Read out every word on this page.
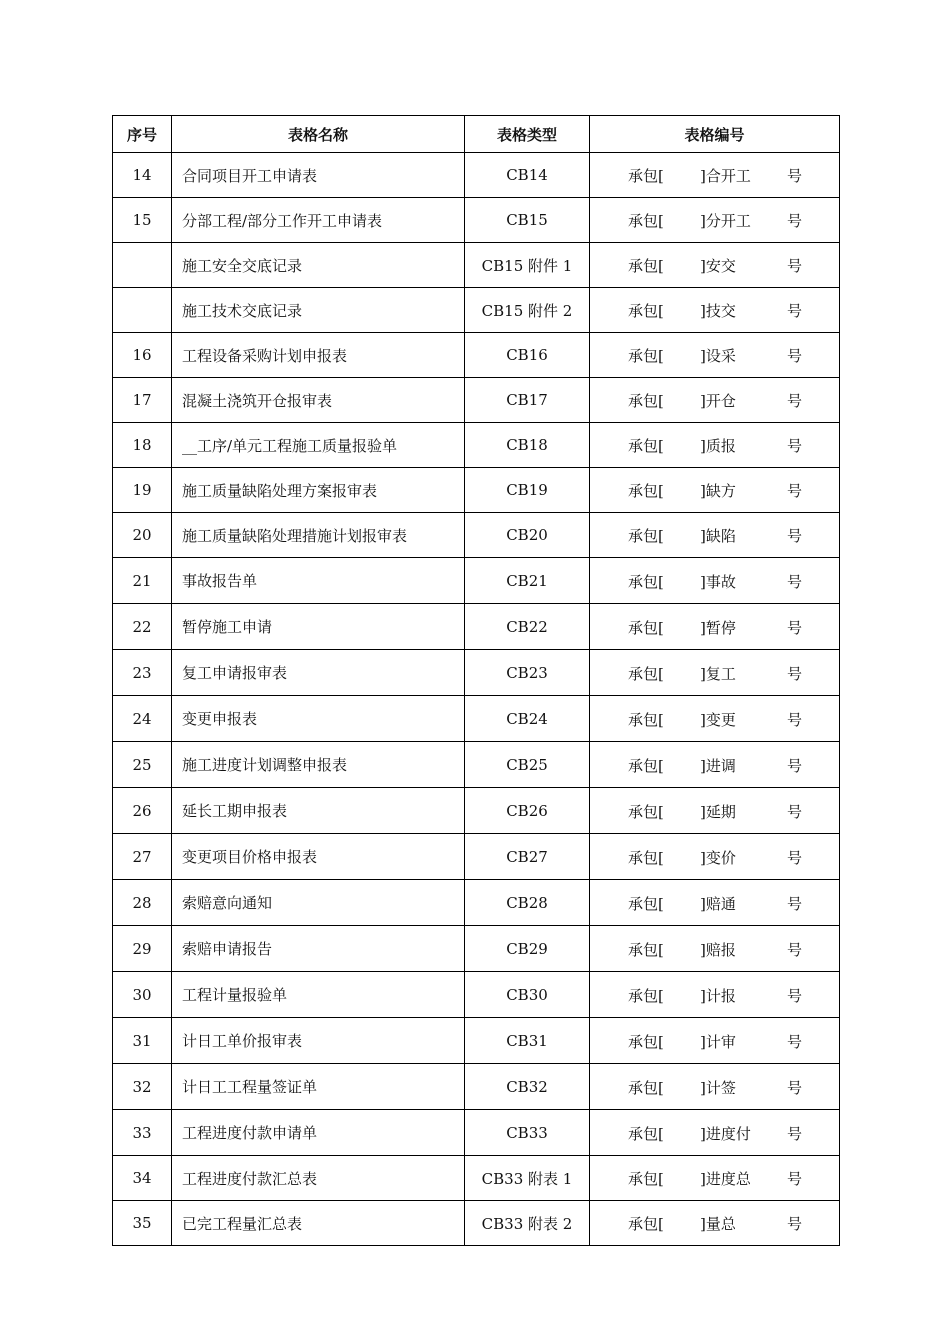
序号	表格名称	表格类型	表格编号
14	合同项目开工申请表	CB14	承包[ ]合开工 号

15	分部工程/部分工作开工申请表	CB15	承包[ ]分开工 号

	施工安全交底记录	CB15 附件 1	承包[ ]安交 号

	施工技术交底记录	CB15 附件 2	承包[ ]技交 号

16	工程设备采购计划申报表	CB16	承包[ ]设采 号

17	混凝土浇筑开仓报审表	CB17	承包[ ]开仓 号

18	__工序/单元工程施工质量报验单	CB18	承包[ ]质报 号

19	施工质量缺陷处理方案报审表	CB19	承包[ ]缺方 号

20	施工质量缺陷处理措施计划报审表	CB20	承包[ ]缺陷 号

21	事故报告单	CB21	承包[ ]事故 号

22	暂停施工申请	CB22	承包[ ]暂停 号

23	复工申请报审表	CB23	承包[ ]复工 号

24	变更申报表	CB24	承包[ ]变更 号

25	施工进度计划调整申报表	CB25	承包[ ]进调 号

26	延长工期申报表	CB26	承包[ ]延期 号

27	变更项目价格申报表	CB27	承包[ ]变价 号

28	索赔意向通知	CB28	承包[ ]赔通 号

29	索赔申请报告	CB29	承包[ ]赔报 号

30	工程计量报验单	CB30	承包[ ]计报 号

31	计日工单价报审表	CB31	承包[ ]计审 号

32	计日工工程量签证单	CB32	承包[ ]计签 号

33	工程进度付款申请单	CB33	承包[ ]进度付 号

34	工程进度付款汇总表	CB33 附表 1	承包[ ]进度总 号

35	已完工程量汇总表	CB33 附表 2	承包[ ]量总 号
